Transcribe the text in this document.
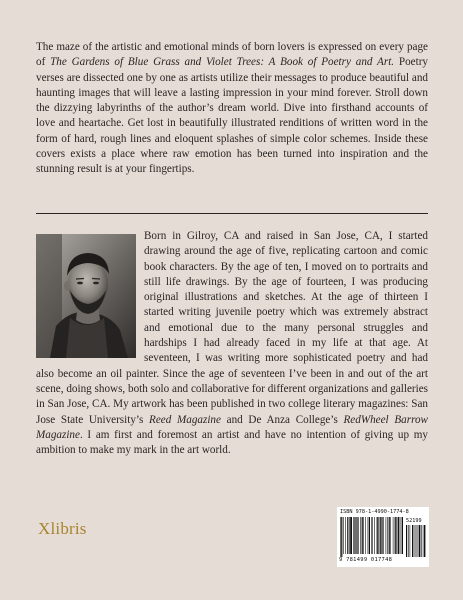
The maze of the artistic and emotional minds of born lovers is expressed on every page of The Gardens of Blue Grass and Violet Trees: A Book of Poetry and Art. Poetry verses are dissected one by one as artists utilize their messages to produce beautiful and haunting images that will leave a lasting impression in your mind forever. Stroll down the dizzying labyrinths of the author’s dream world. Dive into firsthand accounts of love and heartache. Get lost in beautifully illustrated renditions of written word in the form of hard, rough lines and eloquent splashes of simple color schemes. Inside these covers exists a place where raw emotion has been turned into inspiration and the stunning result is at your fingertips.

Born in Gilroy, CA and raised in San Jose, CA, I started drawing around the age of five, replicating cartoon and comic book characters. By the age of ten, I moved on to portraits and still life drawings. By the age of fourteen, I was producing original illustrations and sketches. At the age of thirteen I started writing juvenile poetry which was extremely abstract and emotional due to the many personal struggles and hardships I had already faced in my life at that age. At seventeen, I was writing more sophisticated poetry and had also become an oil painter. Since the age of seventeen I’ve been in and out of the art scene, doing shows, both solo and collaborative for different organizations and galleries in San Jose, CA. My artwork has been published in two college literary magazines: San Jose State University’s Reed Magazine and De Anza College’s RedWheel Barrow Magazine. I am first and foremost an artist and have no intention of giving up my ambition to make my mark in the art world.

Xlibris
ISBN 978-1-4990-1774-8
52199
9 781499 017748
